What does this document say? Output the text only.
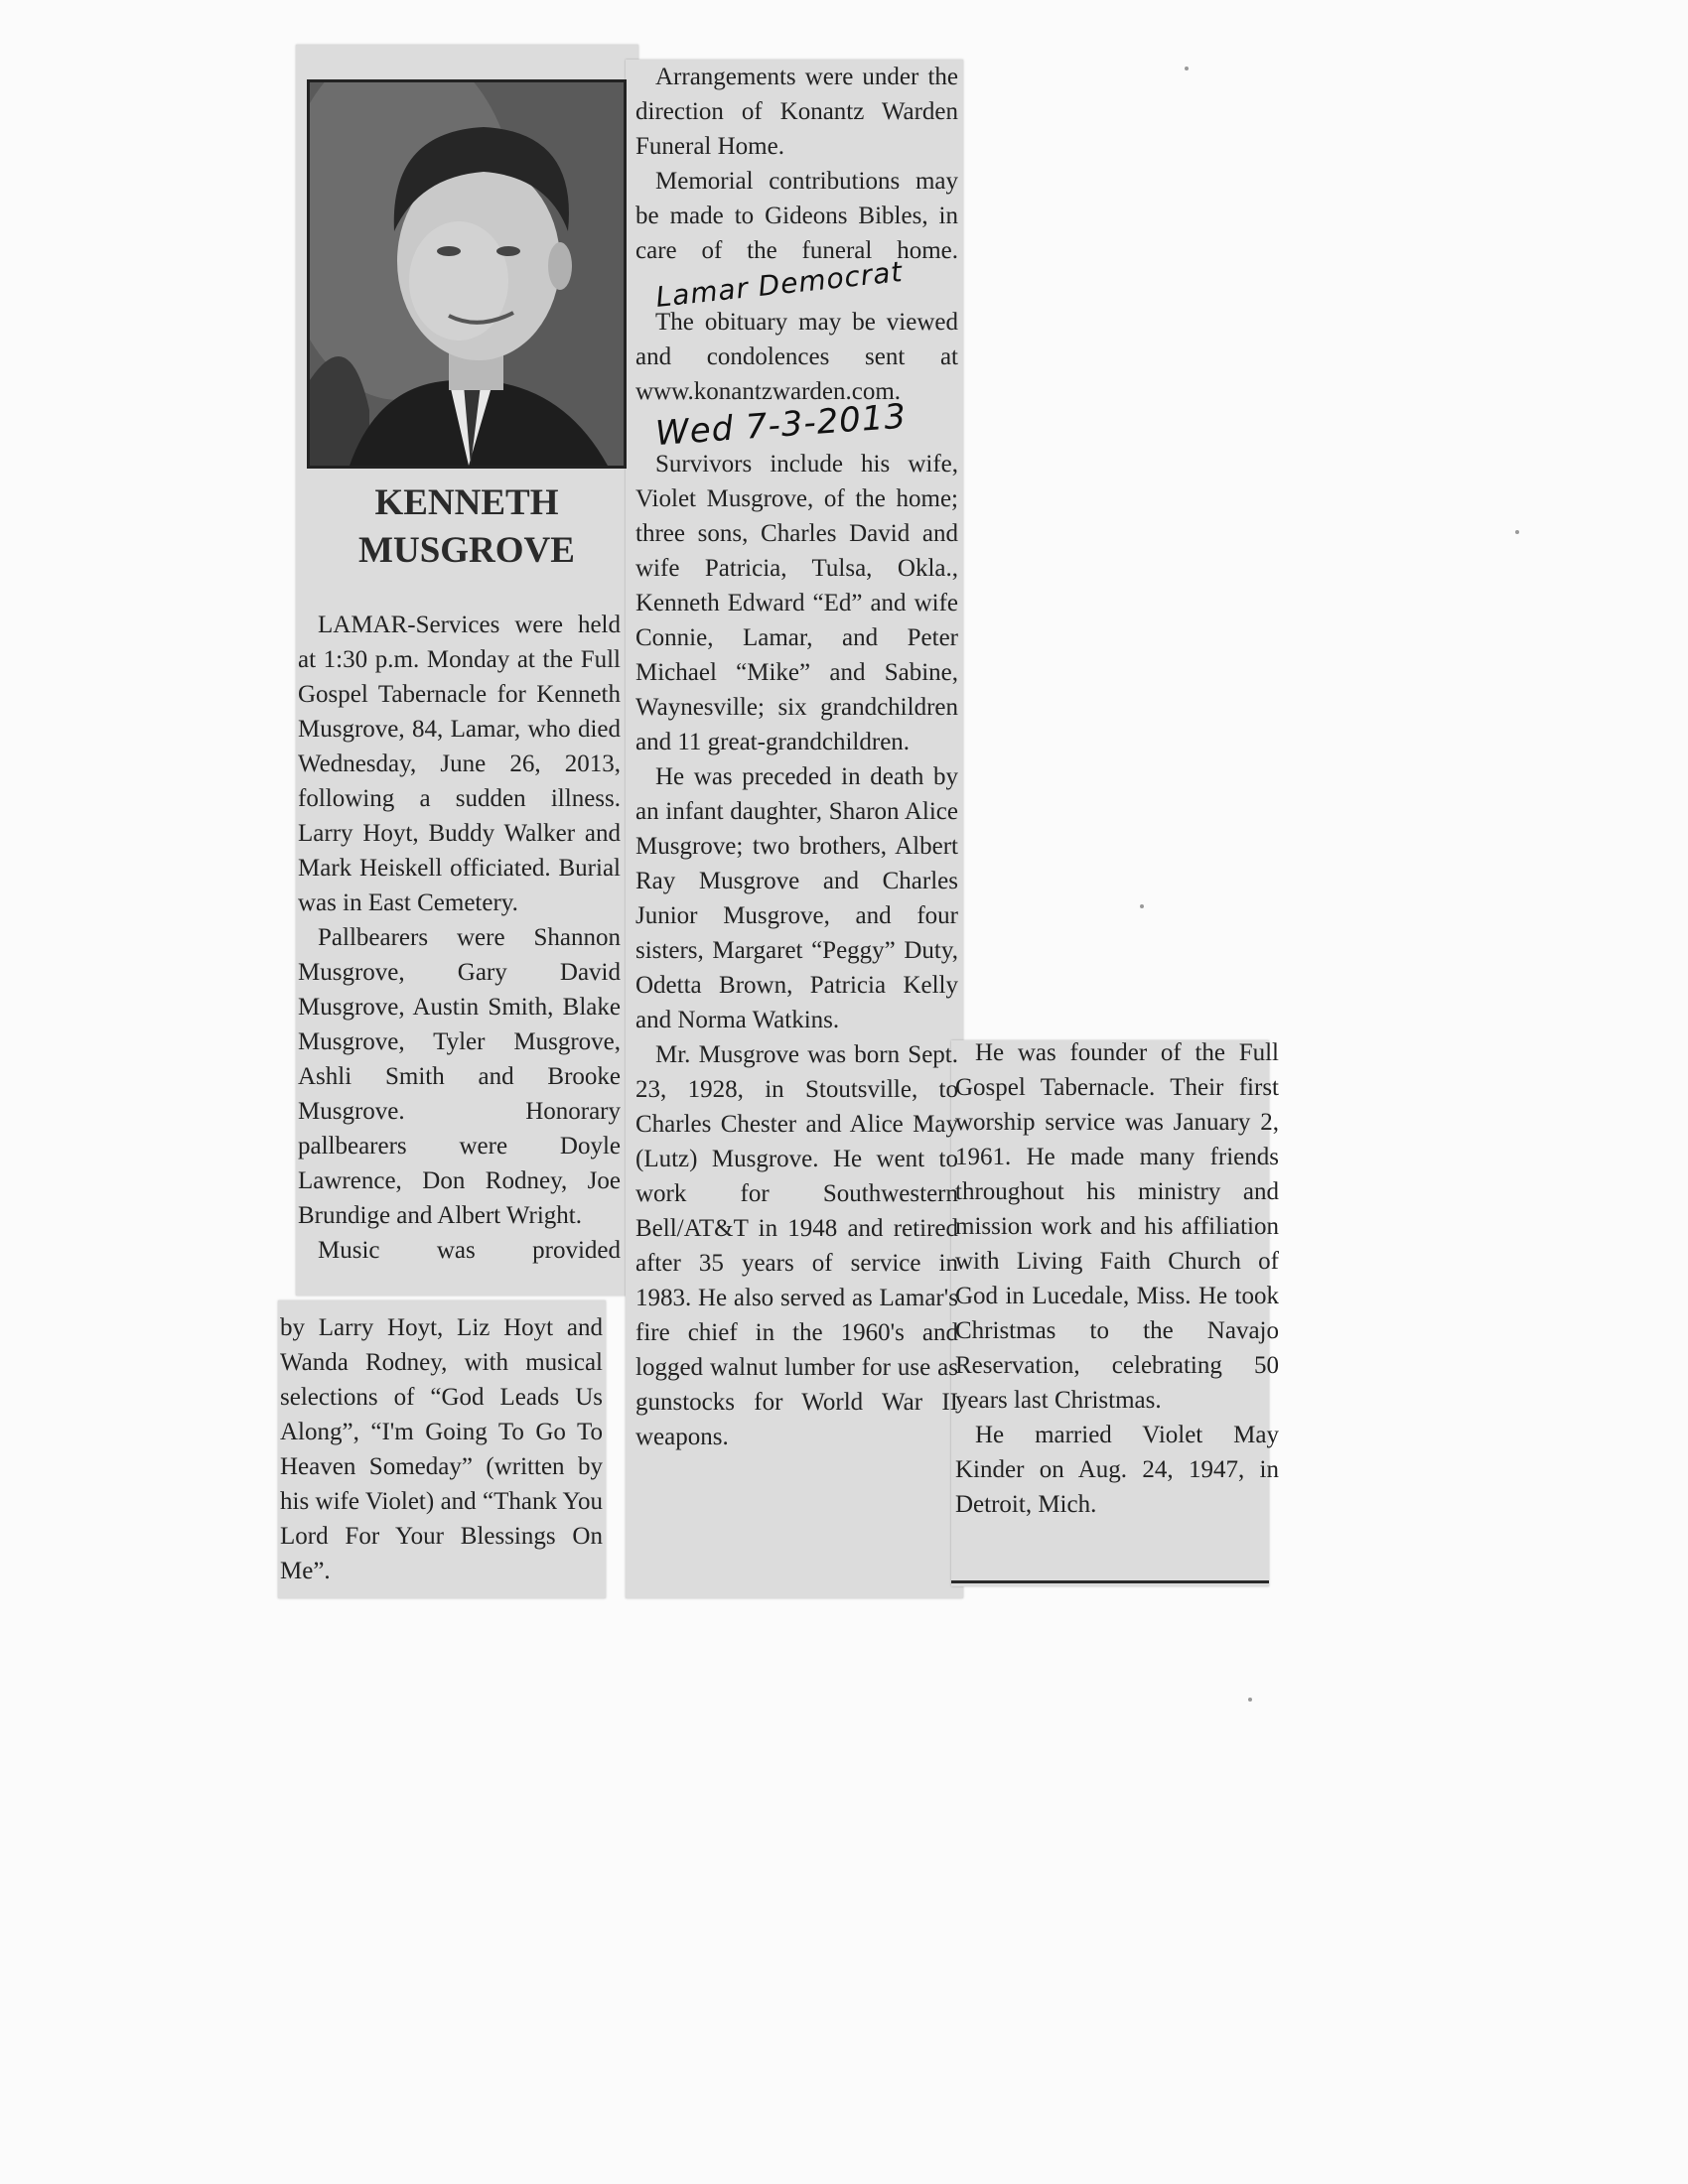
KENNETH
MUSGROVE

LAMAR-Services were held at 1:30 p.m. Monday at the Full Gospel Tabernacle for Kenneth Musgrove, 84, Lamar, who died Wednesday, June 26, 2013, following a sudden illness. Larry Hoyt, Buddy Walker and Mark Heiskell officiated. Burial was in East Cemetery.

Pallbearers were Shannon Musgrove, Gary David Musgrove, Austin Smith, Blake Musgrove, Tyler Musgrove, Ashli Smith and Brooke Musgrove. Honorary pallbearers were Doyle Lawrence, Don Rodney, Joe Brundige and Albert Wright.

Music was provided

by Larry Hoyt, Liz Hoyt and Wanda Rodney, with musical selections of “God Leads Us Along”, “I'm Going To Go To Heaven Someday” (written by his wife Violet) and “Thank You Lord For Your Blessings On Me”.

Arrangements were under the direction of Konantz Warden Funeral Home.

Memorial contributions may be made to Gideons Bibles, in care of the funeral home. Lamar Democrat

The obituary may be viewed and condolences sent at www.konantzwarden.com. Wed 7-3-2013

Survivors include his wife, Violet Musgrove, of the home; three sons, Charles David and wife Patricia, Tulsa, Okla., Kenneth Edward “Ed” and wife Connie, Lamar, and Peter Michael “Mike” and Sabine, Waynesville; six grandchildren and 11 great-grandchildren.

He was preceded in death by an infant daughter, Sharon Alice Musgrove; two brothers, Albert Ray Musgrove and Charles Junior Musgrove, and four sisters, Margaret “Peggy” Duty, Odetta Brown, Patricia Kelly and Norma Watkins.

Mr. Musgrove was born Sept. 23, 1928, in Stoutsville, to Charles Chester and Alice May (Lutz) Musgrove. He went to work for Southwestern Bell/AT&T in 1948 and retired after 35 years of service in 1983. He also served as Lamar's fire chief in the 1960's and logged walnut lumber for use as gunstocks for World War II weapons.

He was founder of the Full Gospel Tabernacle. Their first worship service was January 2, 1961. He made many friends throughout his ministry and mission work and his affiliation with Living Faith Church of God in Lucedale, Miss. He took Christmas to the Navajo Reservation, celebrating 50 years last Christmas.

He married Violet May Kinder on Aug. 24, 1947, in Detroit, Mich.
